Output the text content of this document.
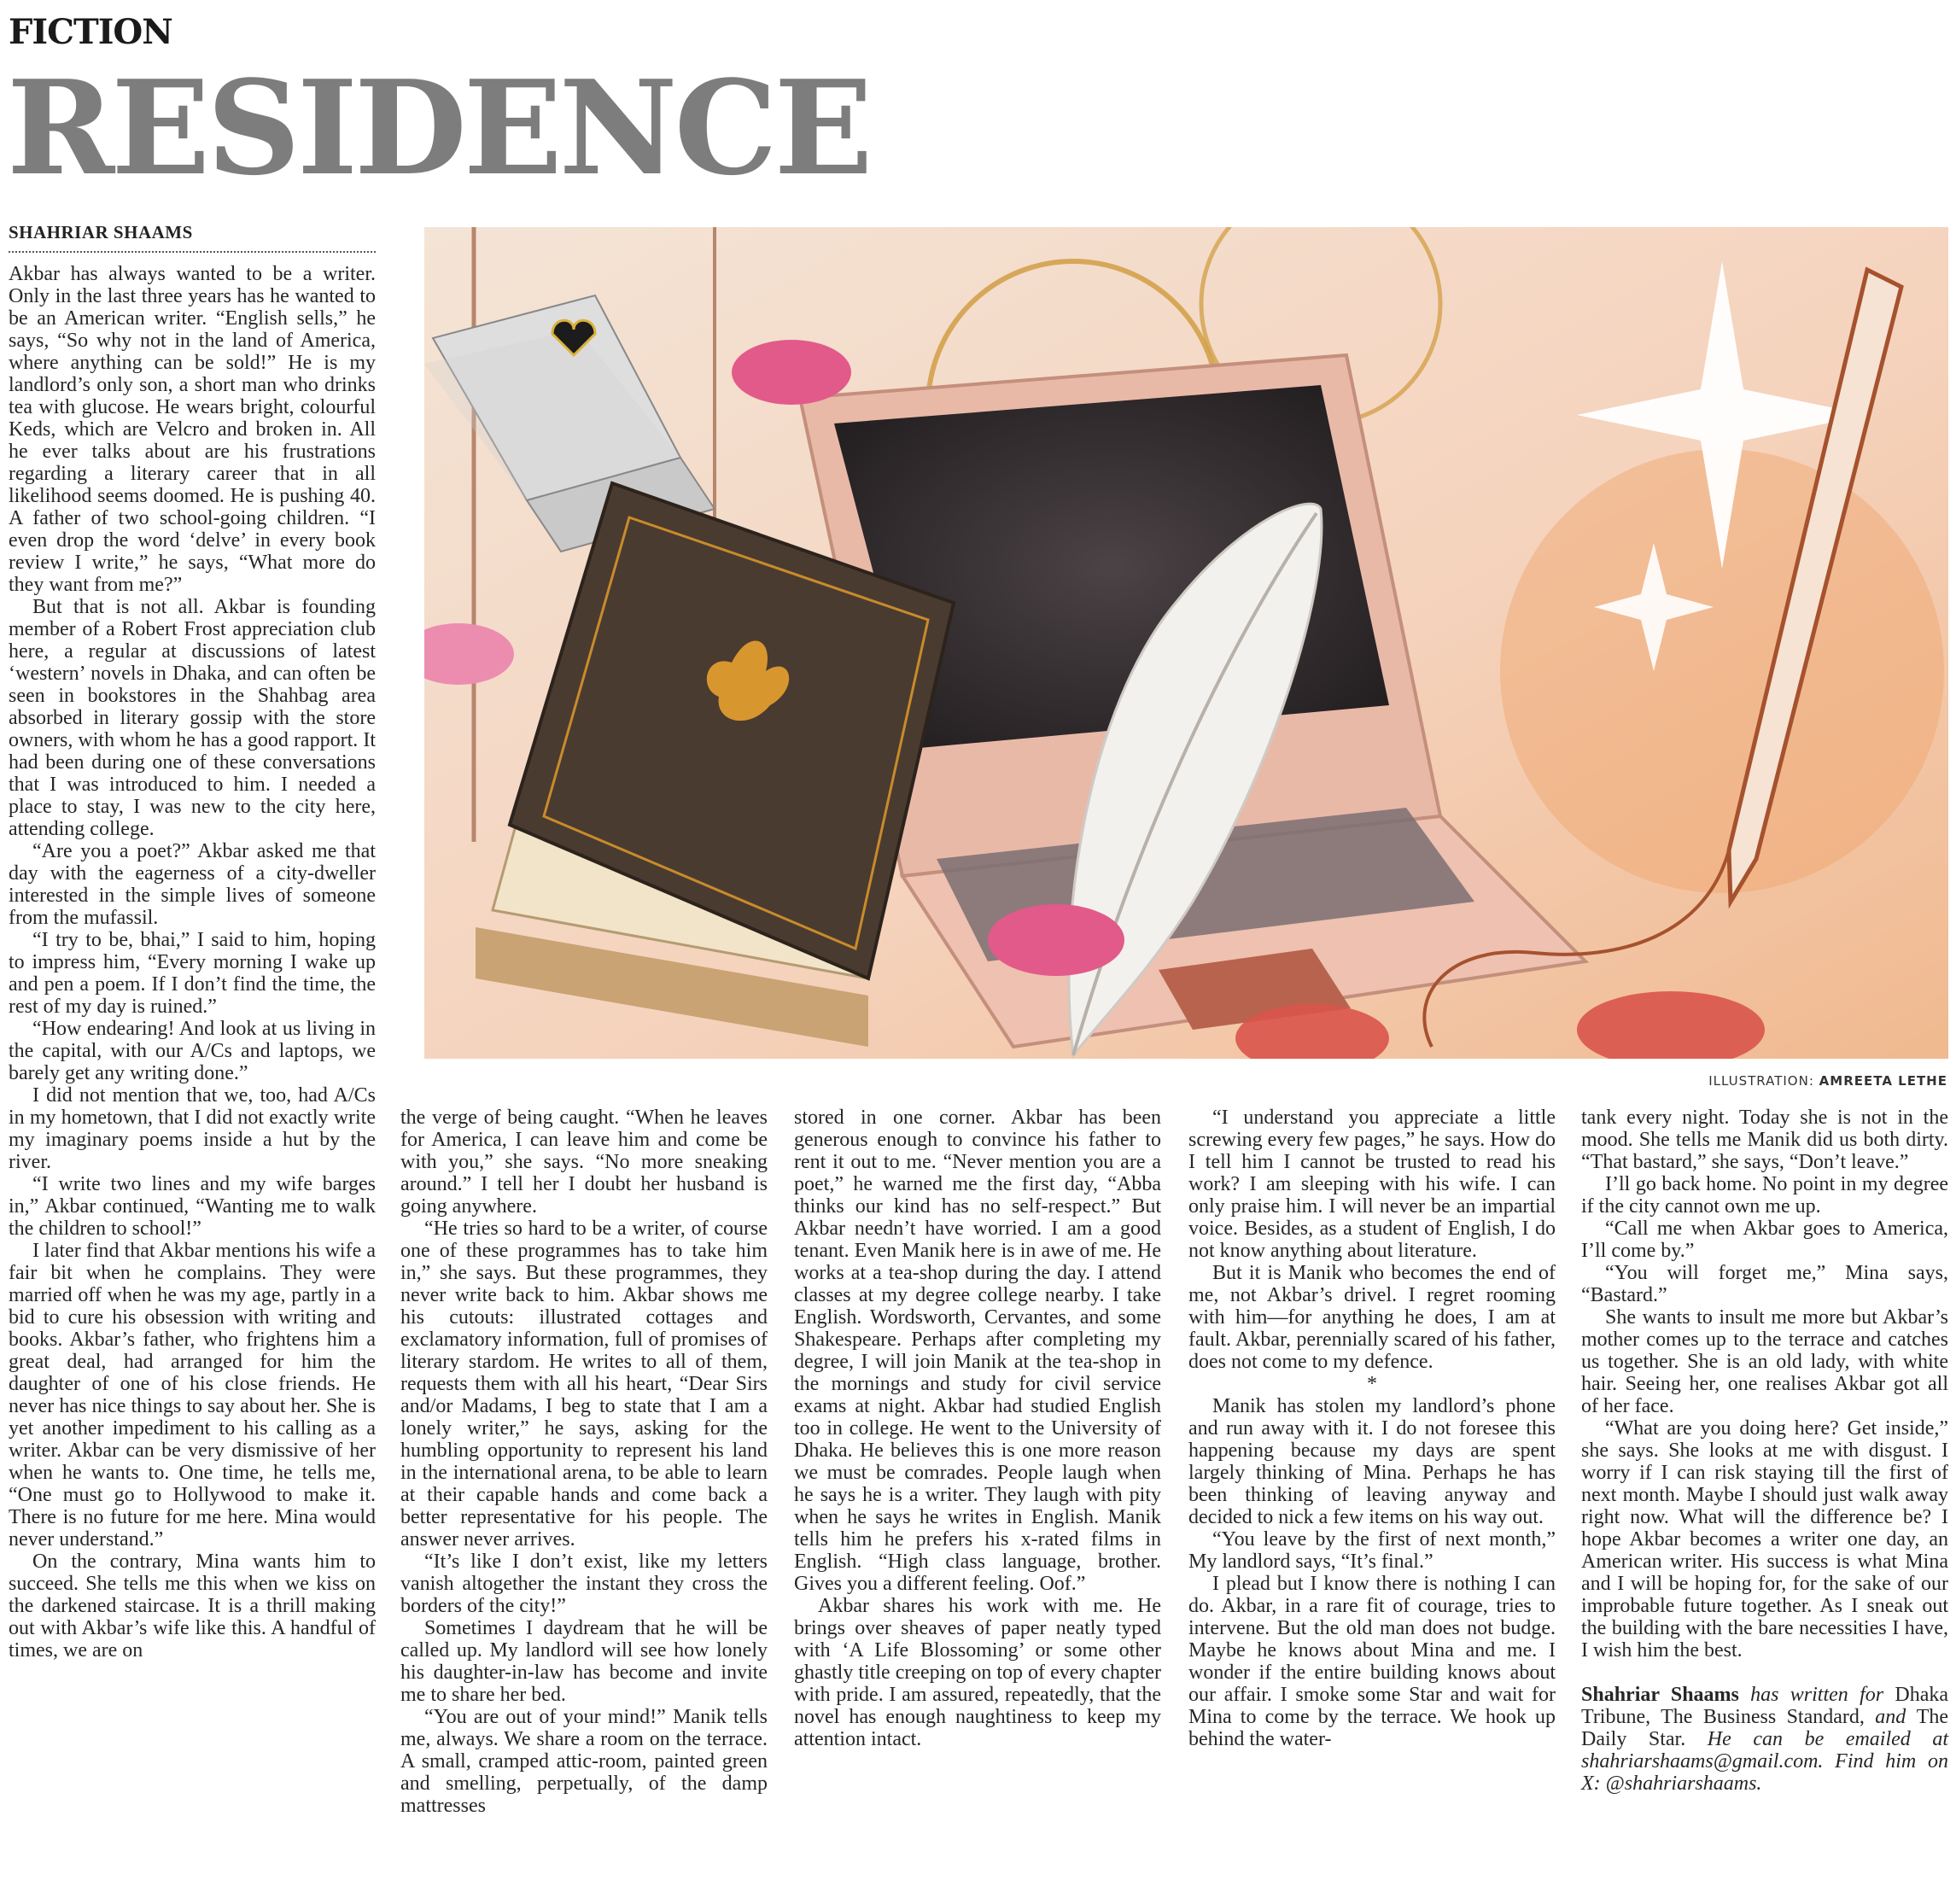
FICTION
RESIDENCE
SHAHRIAR SHAAMS
ILLUSTRATION: AMREETA LETHE

Akbar has always wanted to be a writer. Only in the last three years has he wanted to be an American writer. “English sells,” he says, “So why not in the land of America, where anything can be sold!” He is my landlord’s only son, a short man who drinks tea with glucose. He wears bright, colourful Keds, which are Velcro and broken in. All he ever talks about are his frustrations regarding a literary career that in all likelihood seems doomed. He is pushing 40. A father of two school-going children. “I even drop the word ‘delve’ in every book review I write,” he says, “What more do they want from me?”

But that is not all. Akbar is founding member of a Robert Frost appreciation club here, a regular at discussions of latest ‘western’ novels in Dhaka, and can often be seen in bookstores in the Shahbag area absorbed in literary gossip with the store owners, with whom he has a good rapport. It had been during one of these conversations that I was introduced to him. I needed a place to stay, I was new to the city here, attending college.

“Are you a poet?” Akbar asked me that day with the eagerness of a city-dweller interested in the simple lives of someone from the mufassil.

“I try to be, bhai,” I said to him, hoping to impress him, “Every morning I wake up and pen a poem. If I don’t find the time, the rest of my day is ruined.”

“How endearing! And look at us living in the capital, with our A/Cs and laptops, we barely get any writing done.”

I did not mention that we, too, had A/Cs in my hometown, that I did not exactly write my imaginary poems inside a hut by the river.

“I write two lines and my wife barges in,” Akbar continued, “Wanting me to walk the children to school!”

I later find that Akbar mentions his wife a fair bit when he complains. They were married off when he was my age, partly in a bid to cure his obsession with writing and books. Akbar’s father, who frightens him a great deal, had arranged for him the daughter of one of his close friends. He never has nice things to say about her. She is yet another impediment to his calling as a writer. Akbar can be very dismissive of her when he wants to. One time, he tells me, “One must go to Hollywood to make it. There is no future for me here. Mina would never understand.”

On the contrary, Mina wants him to succeed. She tells me this when we kiss on the darkened staircase. It is a thrill making out with Akbar’s wife like this. A handful of times, we are on

the verge of being caught. “When he leaves for America, I can leave him and come be with you,” she says. “No more sneaking around.” I tell her I doubt her husband is going anywhere.

“He tries so hard to be a writer, of course one of these programmes has to take him in,” she says. But these programmes, they never write back to him. Akbar shows me his cutouts: illustrated cottages and exclamatory information, full of promises of literary stardom. He writes to all of them, requests them with all his heart, “Dear Sirs and/or Madams, I beg to state that I am a lonely writer,” he says, asking for the humbling opportunity to represent his land in the international arena, to be able to learn at their capable hands and come back a better representative for his people. The answer never arrives.

“It’s like I don’t exist, like my letters vanish altogether the instant they cross the borders of the city!”

Sometimes I daydream that he will be called up. My landlord will see how lonely his daughter-in-law has become and invite me to share her bed.

“You are out of your mind!” Manik tells me, always. We share a room on the terrace. A small, cramped attic-room, painted green and smelling, perpetually, of the damp mattresses

stored in one corner. Akbar has been generous enough to convince his father to rent it out to me. “Never mention you are a poet,” he warned me the first day, “Abba thinks our kind has no self-respect.” But Akbar needn’t have worried. I am a good tenant. Even Manik here is in awe of me. He works at a tea-shop during the day. I attend classes at my degree college nearby. I take English. Wordsworth, Cervantes, and some Shakespeare. Perhaps after completing my degree, I will join Manik at the tea-shop in the mornings and study for civil service exams at night. Akbar had studied English too in college. He went to the University of Dhaka. He believes this is one more reason we must be comrades. People laugh when he says he is a writer. They laugh with pity when he says he writes in English. Manik tells him he prefers his x-rated films in English. “High class language, brother. Gives you a different feeling. Oof.”

Akbar shares his work with me. He brings over sheaves of paper neatly typed with ‘A Life Blossoming’ or some other ghastly title creeping on top of every chapter with pride. I am assured, repeatedly, that the novel has enough naughtiness to keep my attention intact.

“I understand you appreciate a little screwing every few pages,” he says. How do I tell him I cannot be trusted to read his work? I am sleeping with his wife. I can only praise him. I will never be an impartial voice. Besides, as a student of English, I do not know anything about literature.

But it is Manik who becomes the end of me, not Akbar’s drivel. I regret rooming with him—for anything he does, I am at fault. Akbar, perennially scared of his father, does not come to my defence.

*

Manik has stolen my landlord’s phone and run away with it. I do not foresee this happening because my days are spent largely thinking of Mina. Perhaps he has been thinking of leaving anyway and decided to nick a few items on his way out.

“You leave by the first of next month,” My landlord says, “It’s final.”

I plead but I know there is nothing I can do. Akbar, in a rare fit of courage, tries to intervene. But the old man does not budge. Maybe he knows about Mina and me. I wonder if the entire building knows about our affair. I smoke some Star and wait for Mina to come by the terrace. We hook up behind the water-

tank every night. Today she is not in the mood. She tells me Manik did us both dirty. “That bastard,” she says, “Don’t leave.”

I’ll go back home. No point in my degree if the city cannot own me up.

“Call me when Akbar goes to America, I’ll come by.”

“You will forget me,” Mina says, “Bastard.”

She wants to insult me more but Akbar’s mother comes up to the terrace and catches us together. She is an old lady, with white hair. Seeing her, one realises Akbar got all of her face.

“What are you doing here? Get inside,” she says. She looks at me with disgust. I worry if I can risk staying till the first of next month. Maybe I should just walk away right now. What will the difference be? I hope Akbar becomes a writer one day, an American writer. His success is what Mina and I will be hoping for, for the sake of our improbable future together. As I sneak out the building with the bare necessities I have, I wish him the best.

Shahriar Shaams has written for Dhaka Tribune, The Business Standard, and The Daily Star. He can be emailed at shahriarshaams@gmail.com. Find him on X: @shahriarshaams.
